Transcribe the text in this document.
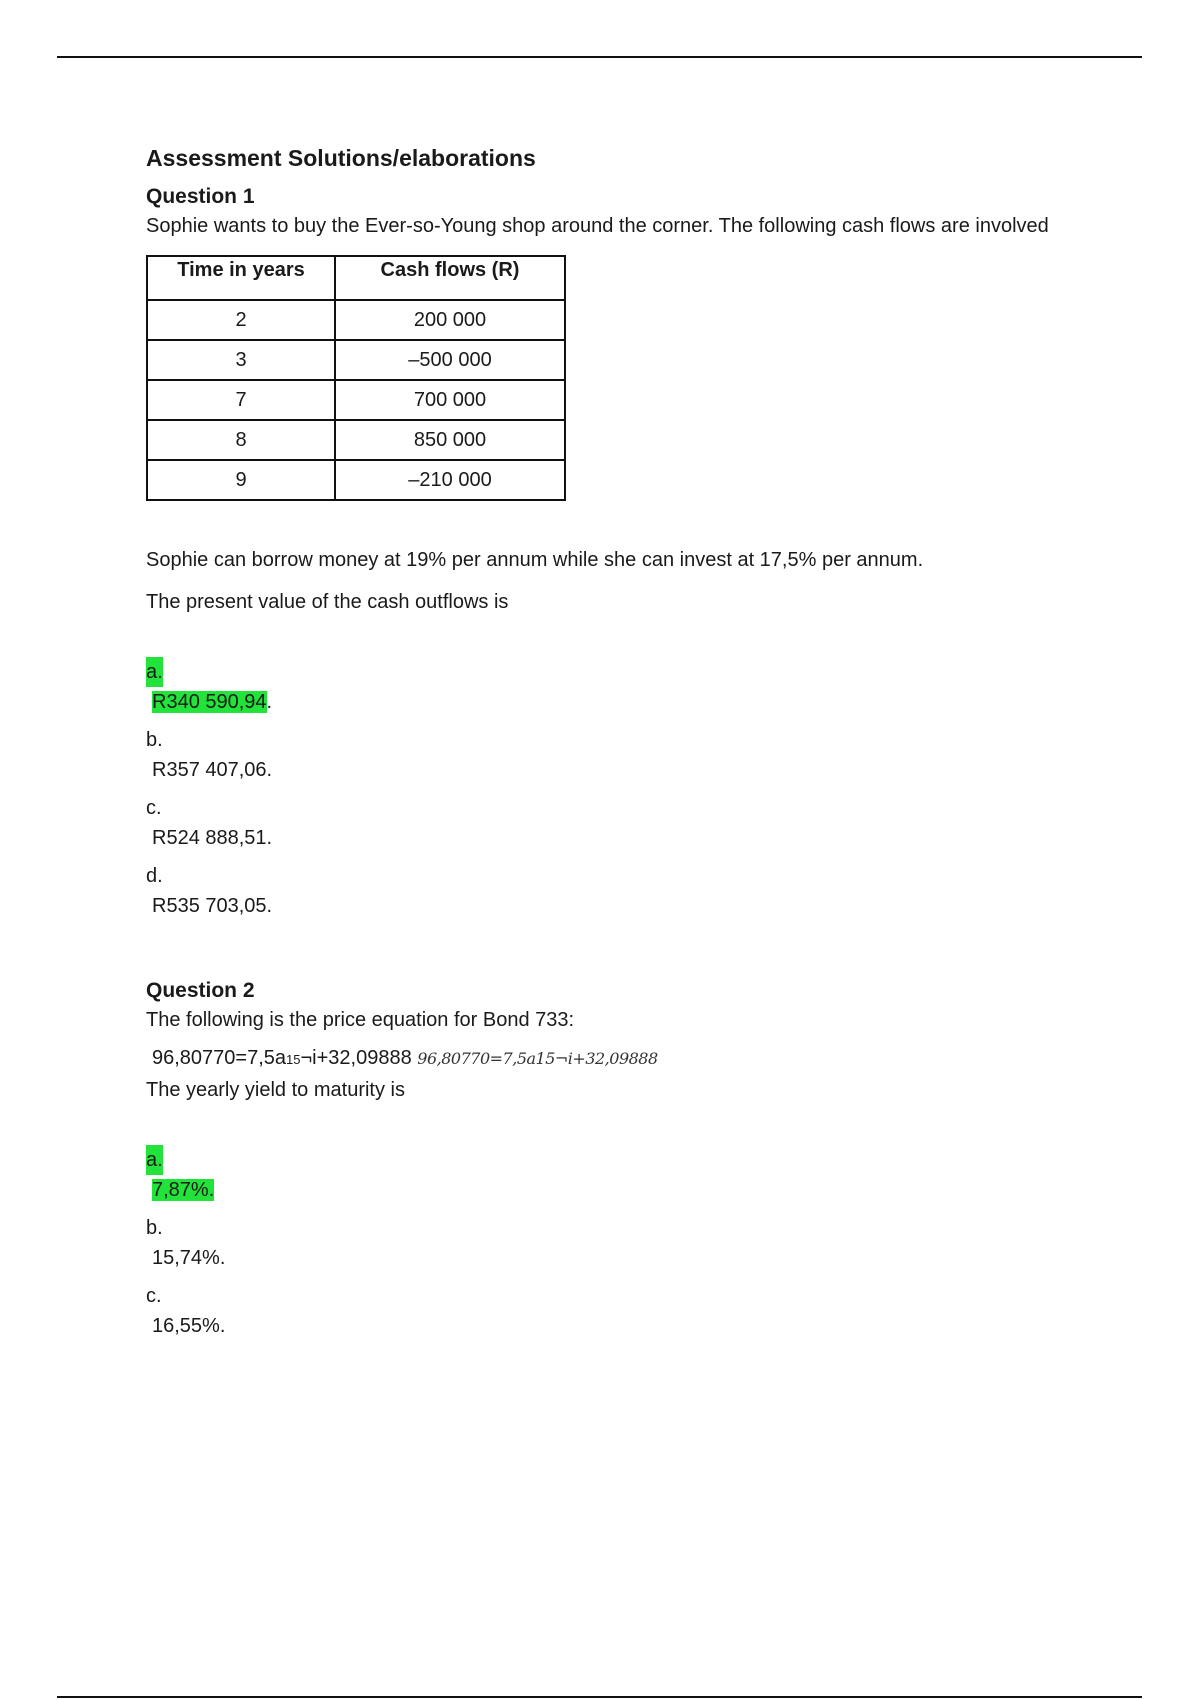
Assessment Solutions/elaborations
Question 1

Sophie wants to buy the Ever-so-Young shop around the corner. The following cash flows are involved

Time in years	Cash flows (R)
2	200 000
3	–500 000
7	700 000
8	850 000
9	–210 000

Sophie can borrow money at 19% per annum while she can invest at 17,5% per annum.

The present value of the cash outflows is

a.
R340 590,94.
b.
R357 407,06.
c.
R524 888,51.
d.
R535 703,05.
Question 2

The following is the price equation for Bond 733:

96,80770=7,5a15¬i+32,09888 96,80770=7,5a15¬i+32,09888

The yearly yield to maturity is

a.
7,87%.
b.
15,74%.
c.
16,55%.
